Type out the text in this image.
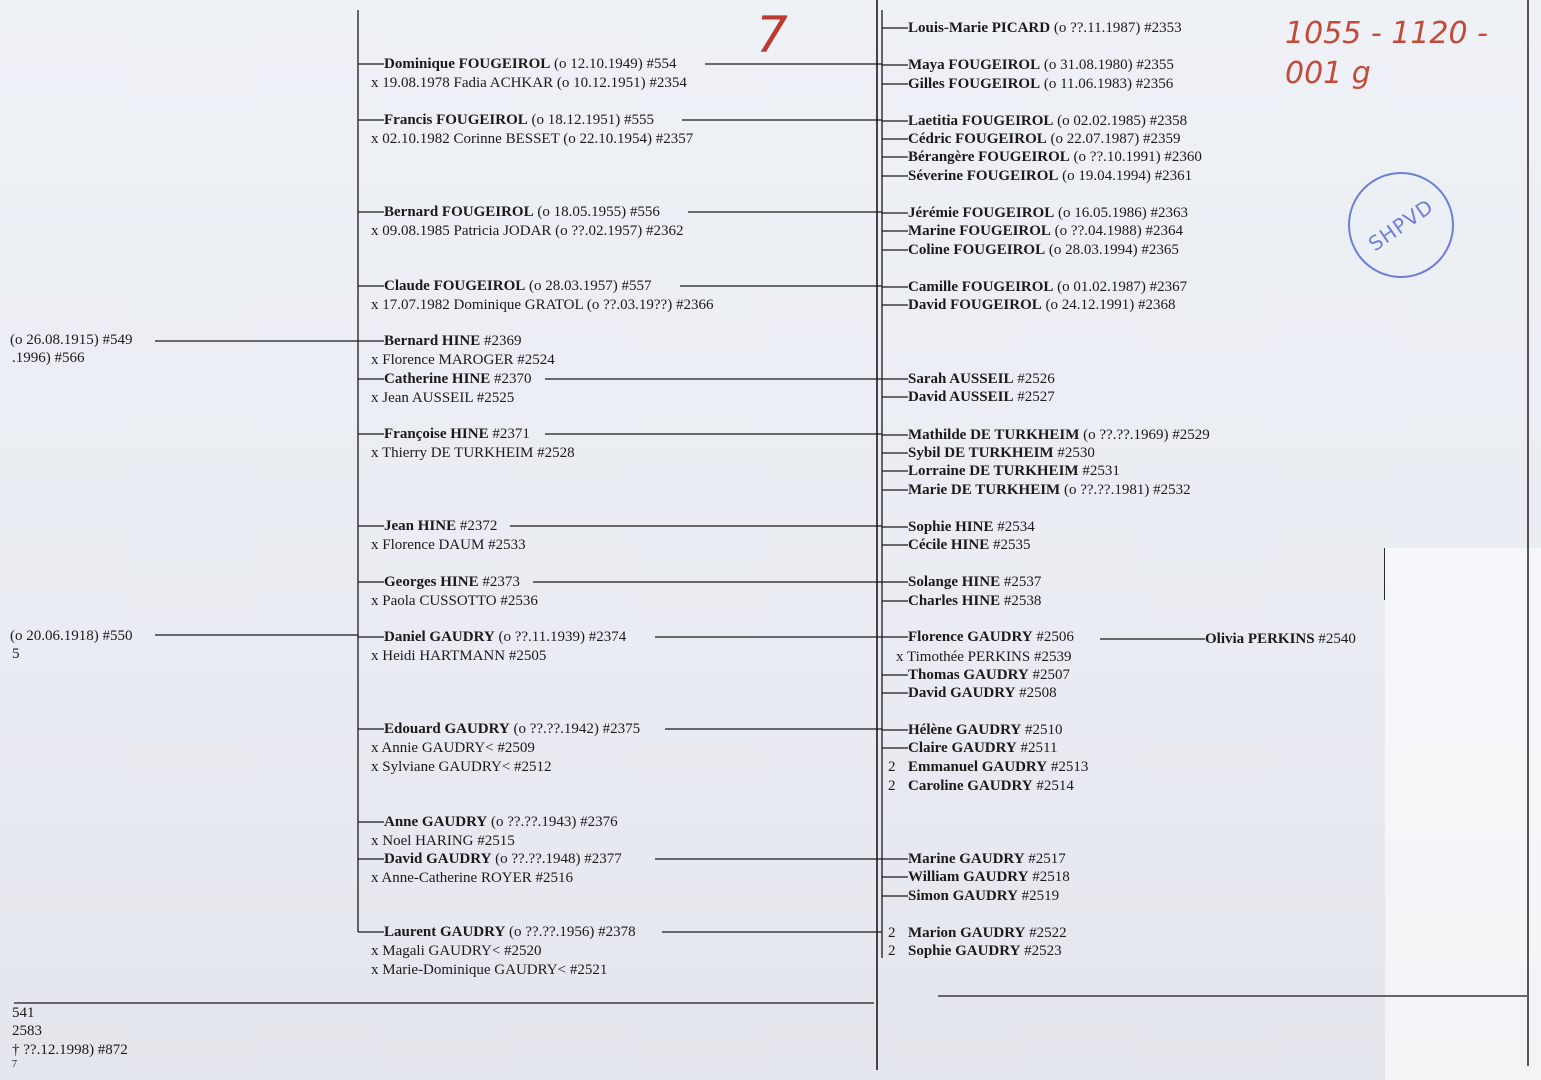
7	1055 - 1120 - 001 g
SHPVD
(o 26.08.1915) #549
.1996) #566
(o 20.06.1918) #550
5
541
2583
† ??.12.1998) #872
7
Dominique FOUGEIROL (o 12.10.1949) #554
x 19.08.1978 Fadia ACHKAR (o 10.12.1951) #2354
Francis FOUGEIROL (o 18.12.1951) #555
x 02.10.1982 Corinne BESSET (o 22.10.1954) #2357
Bernard FOUGEIROL (o 18.05.1955) #556
x 09.08.1985 Patricia JODAR (o ??.02.1957) #2362
Claude FOUGEIROL (o 28.03.1957) #557
x 17.07.1982 Dominique GRATOL (o ??.03.19??) #2366
Bernard HINE #2369
x Florence MAROGER #2524
Catherine HINE #2370
x Jean AUSSEIL #2525
Françoise HINE #2371
x Thierry DE TURKHEIM #2528
Jean HINE #2372
x Florence DAUM #2533
Georges HINE #2373
x Paola CUSSOTTO #2536
Daniel GAUDRY (o ??.11.1939) #2374
x Heidi HARTMANN #2505
Edouard GAUDRY (o ??.??.1942) #2375
x Annie GAUDRY< #2509
x Sylviane GAUDRY< #2512
Anne GAUDRY (o ??.??.1943) #2376
x Noel HARING #2515
David GAUDRY (o ??.??.1948) #2377
x Anne-Catherine ROYER #2516
Laurent GAUDRY (o ??.??.1956) #2378
x Magali GAUDRY< #2520
x Marie-Dominique GAUDRY< #2521
Louis-Marie PICARD (o ??.11.1987) #2353
Maya FOUGEIROL (o 31.08.1980) #2355
Gilles FOUGEIROL (o 11.06.1983) #2356
Laetitia FOUGEIROL (o 02.02.1985) #2358
Cédric FOUGEIROL (o 22.07.1987) #2359
Bérangère FOUGEIROL (o ??.10.1991) #2360
Séverine FOUGEIROL (o 19.04.1994) #2361
Jérémie FOUGEIROL (o 16.05.1986) #2363
Marine FOUGEIROL (o ??.04.1988) #2364
Coline FOUGEIROL (o 28.03.1994) #2365
Camille FOUGEIROL (o 01.02.1987) #2367
David FOUGEIROL (o 24.12.1991) #2368
Sarah AUSSEIL #2526
David AUSSEIL #2527
Mathilde DE TURKHEIM (o ??.??.1969) #2529
Sybil DE TURKHEIM #2530
Lorraine DE TURKHEIM #2531
Marie DE TURKHEIM (o ??.??.1981) #2532
Sophie HINE #2534
Cécile HINE #2535
Solange HINE #2537
Charles HINE #2538
Florence GAUDRY #2506
Thomas GAUDRY #2507
David GAUDRY #2508
Hélène GAUDRY #2510
Claire GAUDRY #2511
Emmanuel GAUDRY #2513
2
Caroline GAUDRY #2514
2
Marine GAUDRY #2517
William GAUDRY #2518
Simon GAUDRY #2519
Marion GAUDRY #2522
2
Sophie GAUDRY #2523
2
x Timothée PERKINS #2539
Olivia PERKINS #2540
